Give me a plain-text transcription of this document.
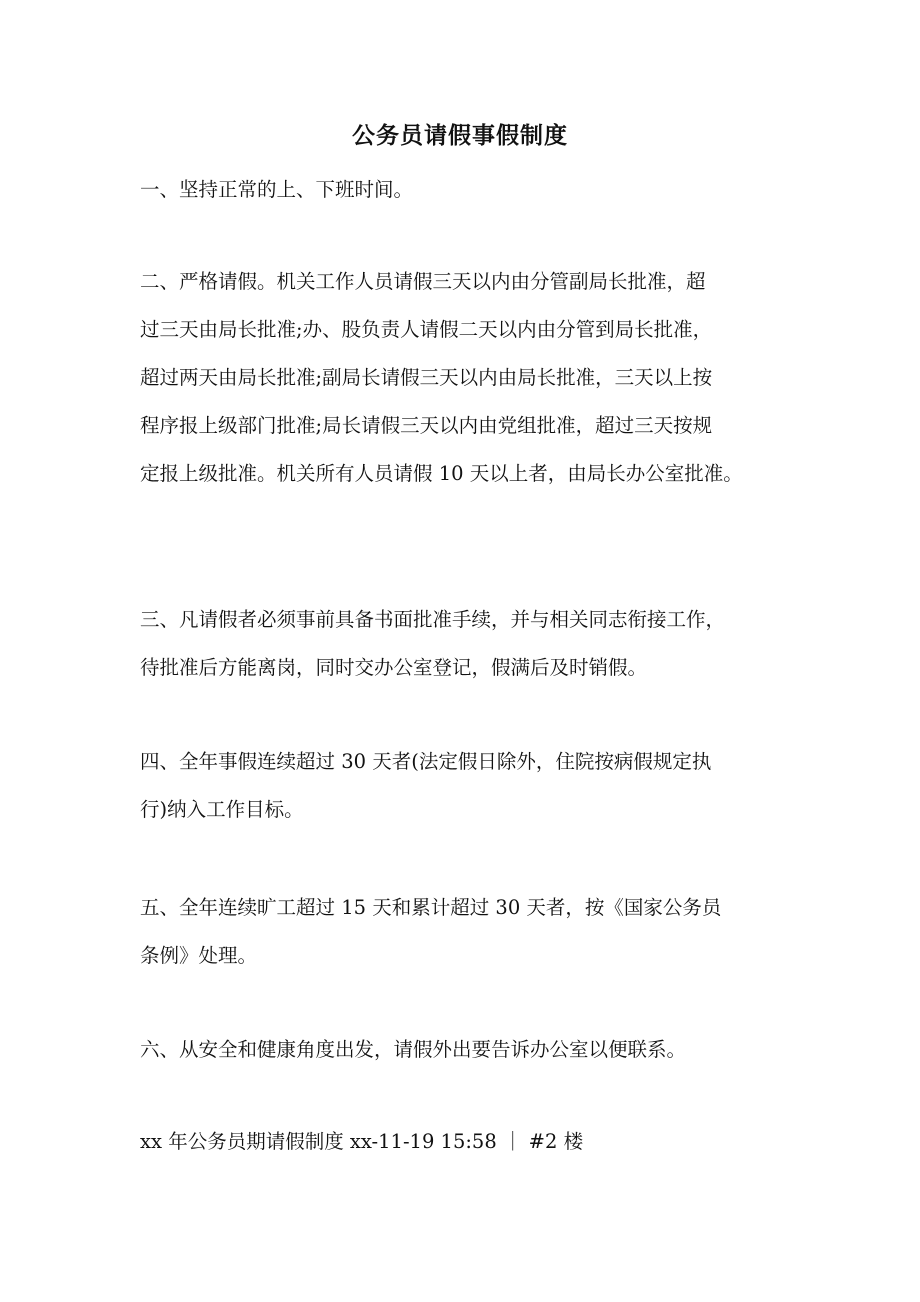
公务员请假事假制度

一、坚持正常的上、下班时间。

二、严格请假。机关工作人员请假三天以内由分管副局长批准，超
过三天由局长批准;办、股负责人请假二天以内由分管到局长批准，
超过两天由局长批准;副局长请假三天以内由局长批准，三天以上按
程序报上级部门批准;局长请假三天以内由党组批准，超过三天按规
定报上级批准。机关所有人员请假 10 天以上者，由局长办公室批准。

三、凡请假者必须事前具备书面批准手续，并与相关同志衔接工作，
待批准后方能离岗，同时交办公室登记，假满后及时销假。

四、全年事假连续超过 30 天者(法定假日除外，住院按病假规定执
行)纳入工作目标。

五、全年连续旷工超过 15 天和累计超过 30 天者，按《国家公务员
条例》处理。

六、从安全和健康角度出发，请假外出要告诉办公室以便联系。

xx 年公务员期请假制度 xx-11-19 15:58 ｜ #2 楼
